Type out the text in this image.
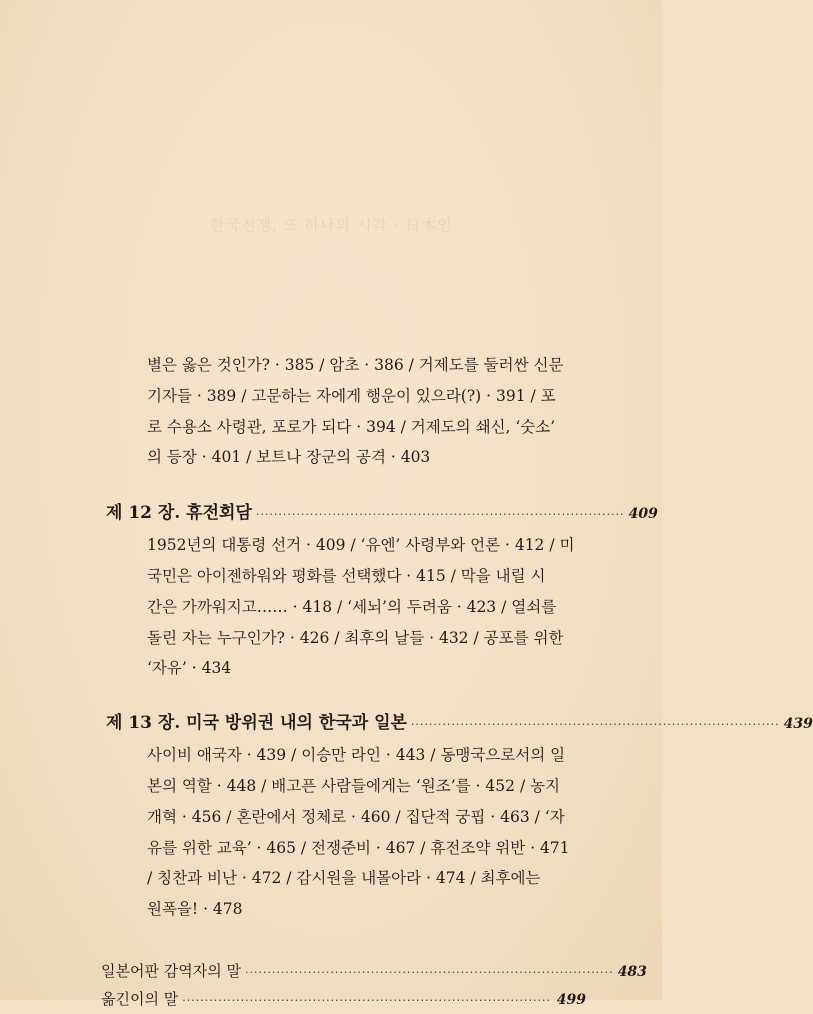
한국전쟁, 또 하나의 시각 · 日本인

별은 옳은 것인가? · 385 / 암초 · 386 / 거제도를 둘러싼 신문

기자들 · 389 / 고문하는 자에게 행운이 있으라(?) · 391 / 포

로 수용소 사령관, 포로가 되다 · 394 / 거제도의 쇄신, ‘숫소’

의 등장 · 401 / 보트나 장군의 공격 · 403

제 12 장. 휴전회담 ·················································································· 409

1952년의 대통령 선거 · 409 / ‘유엔’ 사령부와 언론 · 412 / 미

국민은 아이젠하워와 평화를 선택했다 · 415 / 막을 내릴 시

간은 가까워지고…… · 418 / ‘세뇌’의 두려움 · 423 / 열쇠를

돌린 자는 누구인가? · 426 / 최후의 날들 · 432 / 공포를 위한

‘자유’ · 434

제 13 장. 미국 방위권 내의 한국과 일본 ·················································································· 439

사이비 애국자 · 439 / 이승만 라인 · 443 / 동맹국으로서의 일

본의 역할 · 448 / 배고픈 사람들에게는 ‘원조’를 · 452 / 농지

개혁 · 456 / 혼란에서 정체로 · 460 / 집단적 궁핍 · 463 / ‘자

유를 위한 교육’ · 465 / 전쟁준비 · 467 / 휴전조약 위반 · 471

/ 칭찬과 비난 · 472 / 감시원을 내몰아라 · 474 / 최후에는

원폭을! · 478

일본어판 감역자의 말 ·················································································· 483
옮긴이의 말 ·················································································· 499
